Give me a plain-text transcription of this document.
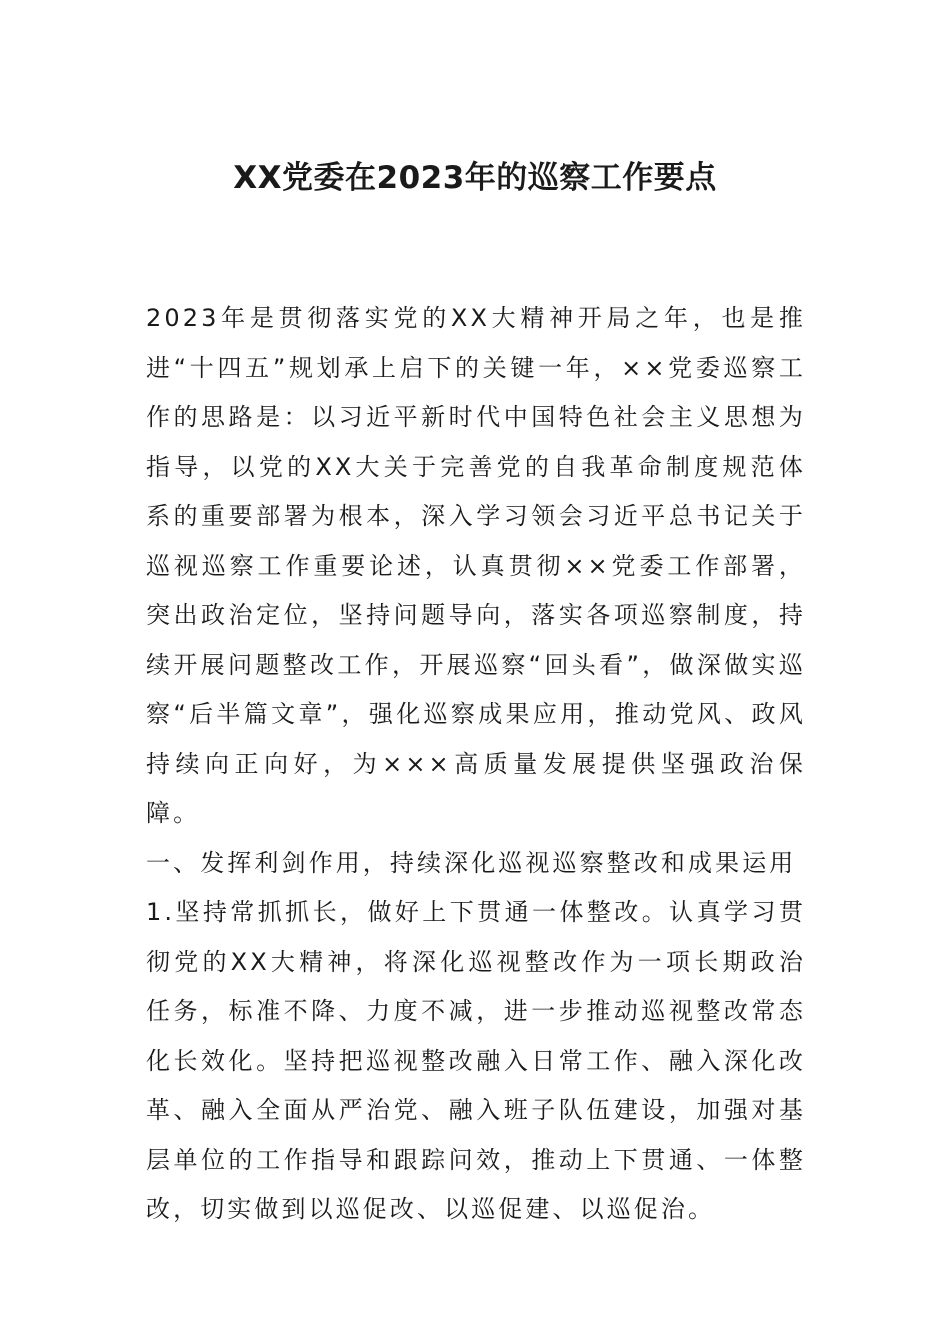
XX党委在2023年的巡察工作要点

2023年是贯彻落实党的XX大精神开局之年，也是推进“十四五”规划承上启下的关键一年，××党委巡察工作的思路是：以习近平新时代中国特色社会主义思想为指导，以党的XX大关于完善党的自我革命制度规范体系的重要部署为根本，深入学习领会习近平总书记关于巡视巡察工作重要论述，认真贯彻××党委工作部署，突出政治定位，坚持问题导向，落实各项巡察制度，持续开展问题整改工作，开展巡察“回头看”，做深做实巡察“后半篇文章”，强化巡察成果应用，推动党风、政风持续向正向好，为×××高质量发展提供坚强政治保障。

一、发挥利剑作用，持续深化巡视巡察整改和成果运用

1.坚持常抓抓长，做好上下贯通一体整改。认真学习贯彻党的XX大精神，将深化巡视整改作为一项长期政治任务，标准不降、力度不减，进一步推动巡视整改常态化长效化。坚持把巡视整改融入日常工作、融入深化改革、融入全面从严治党、融入班子队伍建设，加强对基层单位的工作指导和跟踪问效，推动上下贯通、一体整改，切实做到以巡促改、以巡促建、以巡促治。
